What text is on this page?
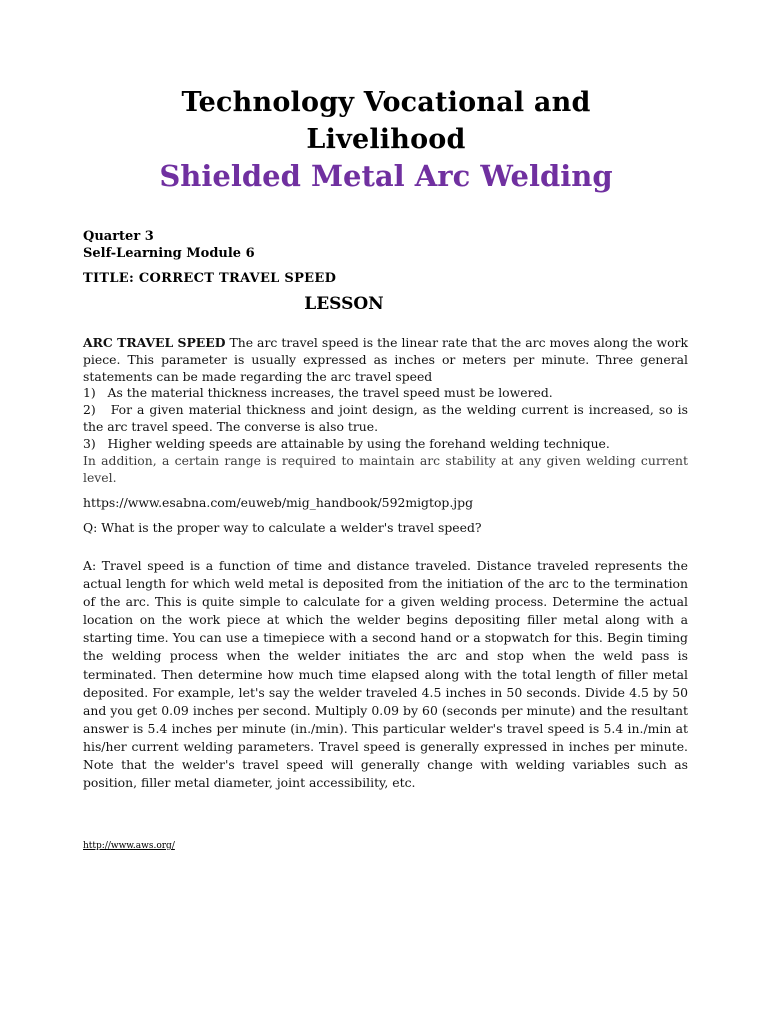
Technology Vocational and
Livelihood
Shielded Metal Arc Welding

Quarter 3

Self-Learning Module 6

TITLE: CORRECT TRAVEL SPEED

LESSON

ARC TRAVEL SPEED The arc travel speed is the linear rate that the arc moves along the work piece. This parameter is usually expressed as inches or meters per minute. Three general statements can be made regarding the arc travel speed

1)   As the material thickness increases, the travel speed must be lowered.

2)   For a given material thickness and joint design, as the welding current is increased, so is the arc travel speed. The converse is also true.

3)   Higher welding speeds are attainable by using the forehand welding technique.

In addition, a certain range is required to maintain arc stability at any given welding current level.

https://www.esabna.com/euweb/mig_handbook/592migtop.jpg

Q: What is the proper way to calculate a welder's travel speed?

A: Travel speed is a function of time and distance traveled. Distance traveled represents the actual length for which weld metal is deposited from the initiation of the arc to the termination of the arc. This is quite simple to calculate for a given welding process. Determine the actual location on the work piece at which the welder begins depositing filler metal along with a starting time. You can use a timepiece with a second hand or a stopwatch for this. Begin timing the welding process when the welder initiates the arc and stop when the weld pass is terminated. Then determine how much time elapsed along with the total length of filler metal deposited. For example, let's say the welder traveled 4.5 inches in 50 seconds. Divide 4.5 by 50 and you get 0.09 inches per second. Multiply 0.09 by 60 (seconds per minute) and the resultant answer is 5.4 inches per minute (in./min). This particular welder's travel speed is 5.4 in./min at his/her current welding parameters. Travel speed is generally expressed in inches per minute. Note that the welder's travel speed will generally change with welding variables such as position, filler metal diameter, joint accessibility, etc.

http://www.aws.org/
